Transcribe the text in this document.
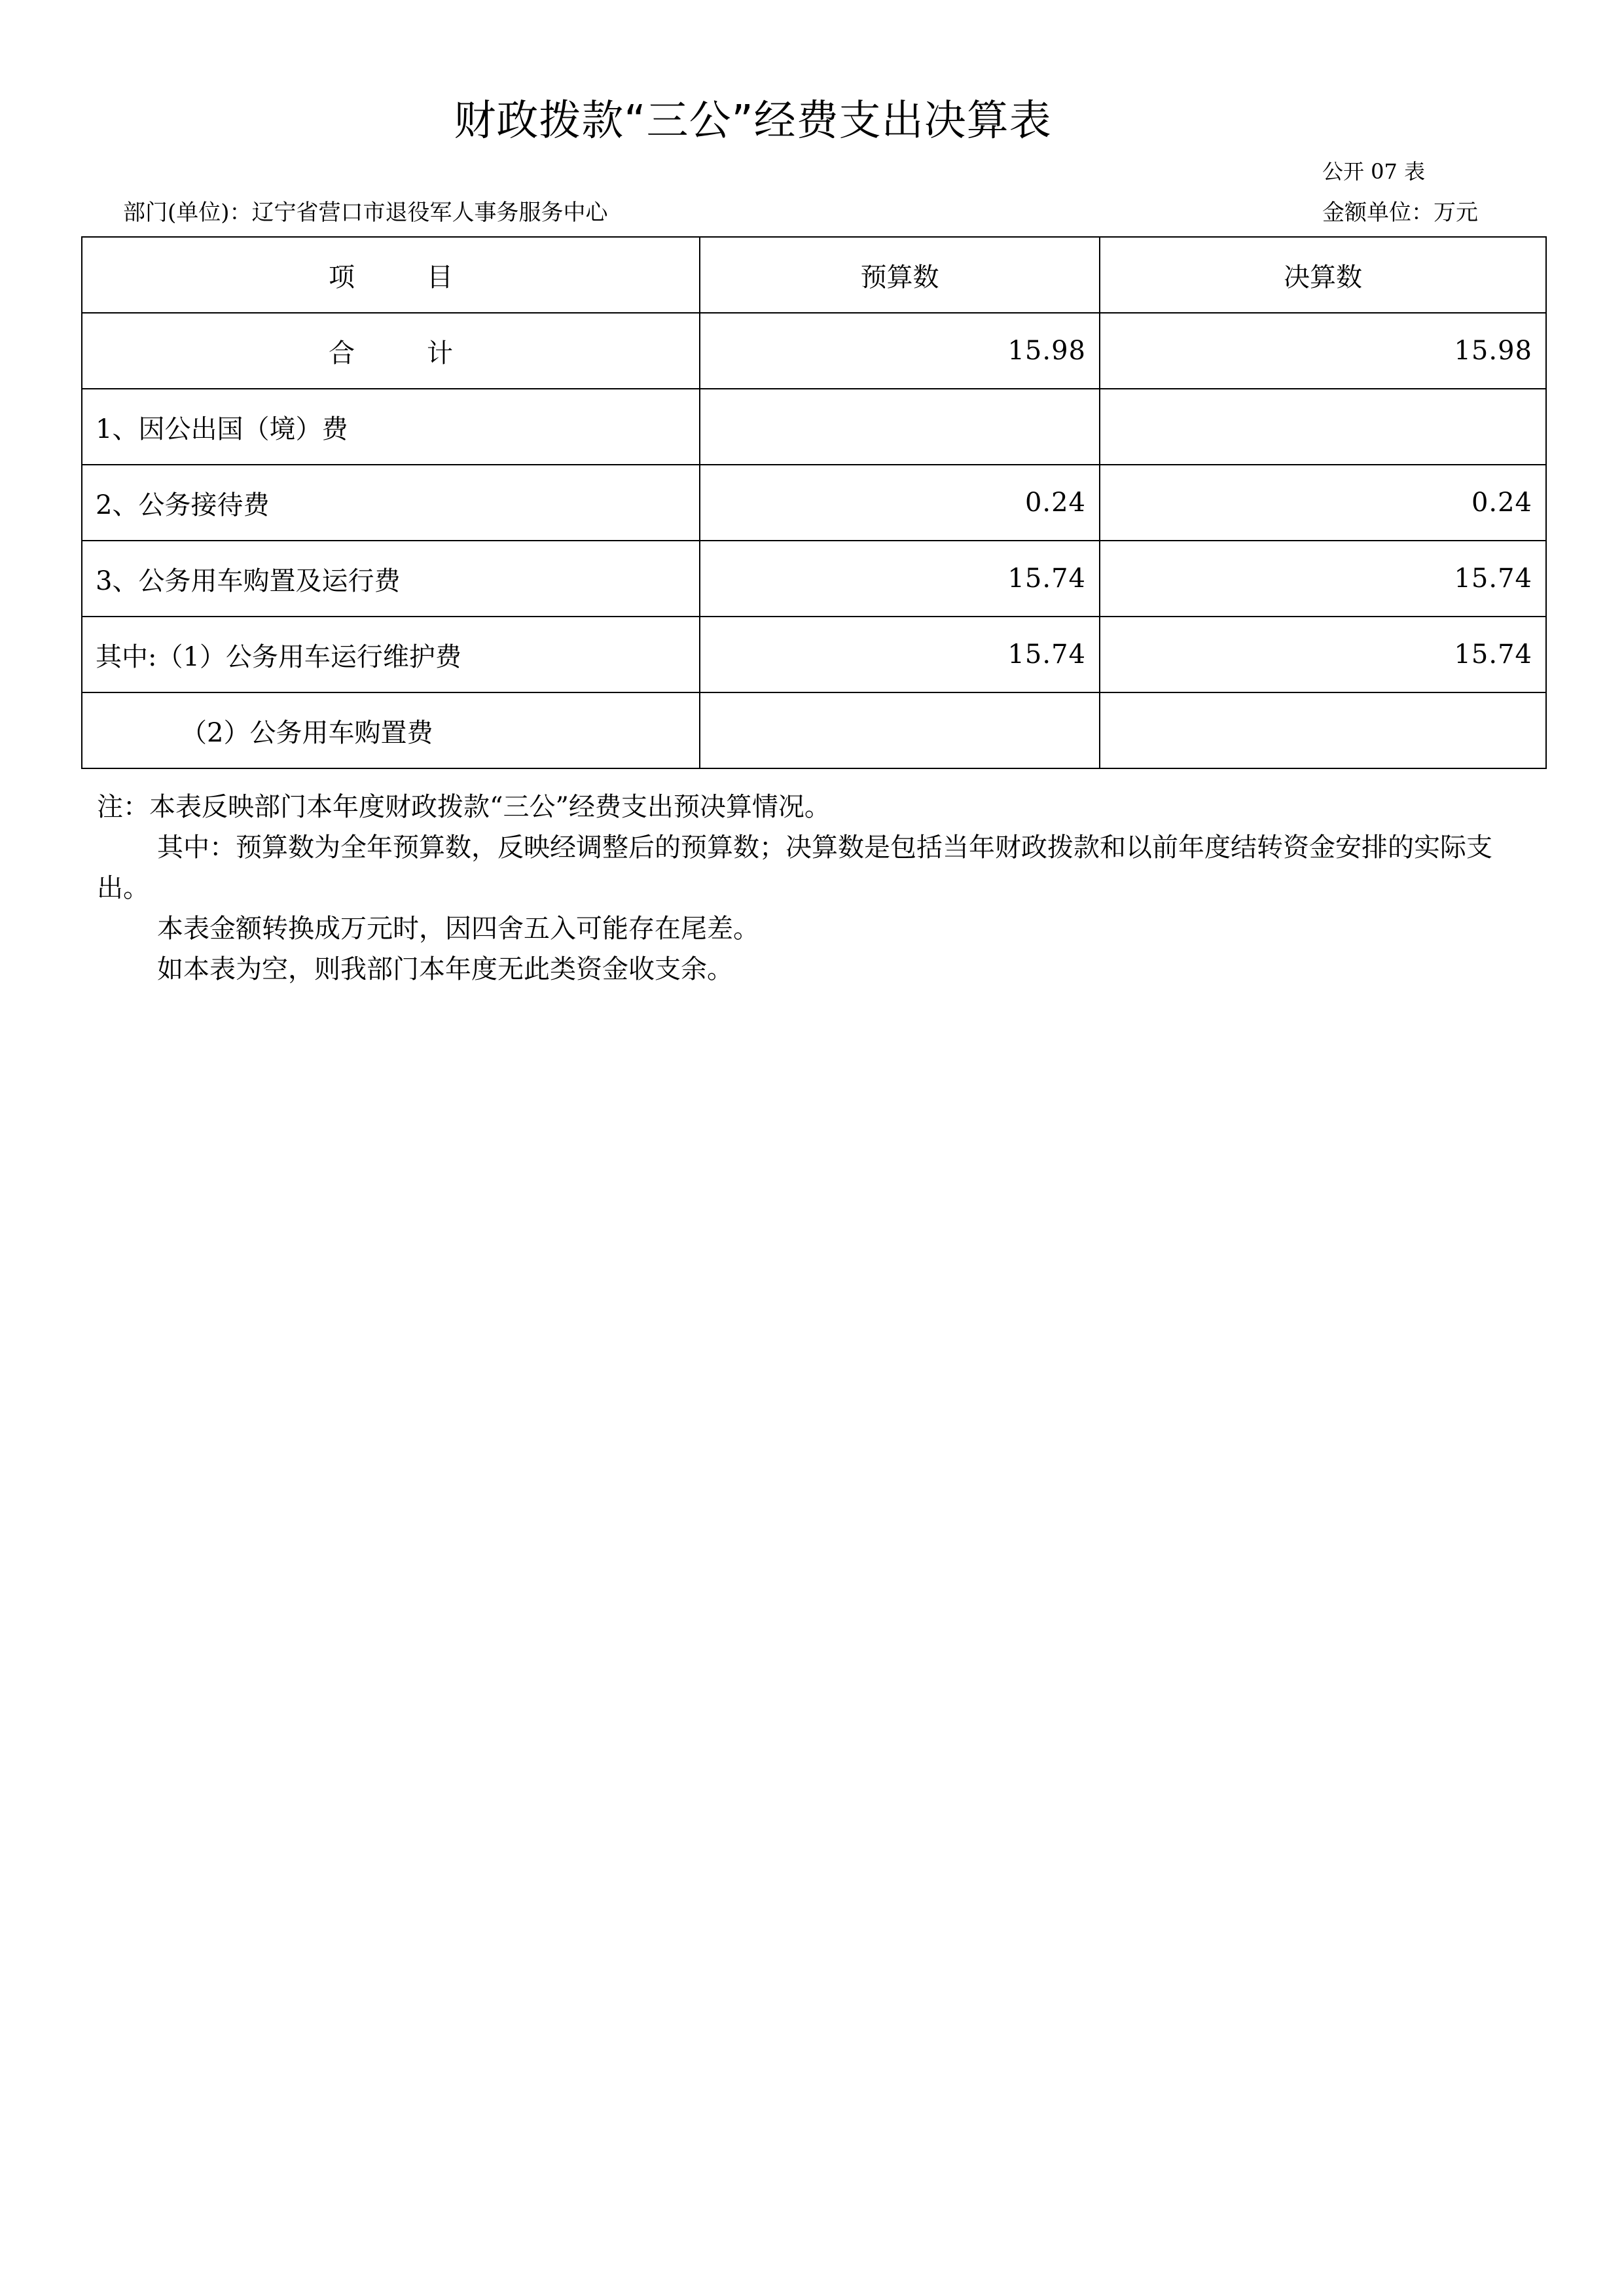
财政拨款“三公”经费支出决算表
公开 07 表
部门(单位)：辽宁省营口市退役军人事务服务中心	金额单位：万元
项 目	预算数	决算数
合 计	15.98	15.98
1、因公出国（境）费		
2、公务接待费	0.24	0.24
3、公务用车购置及运行费	15.74	15.74
其中:（1）公务用车运行维护费	15.74	15.74
（2）公务用车购置费		

注：本表反映部门本年度财政拨款“三公”经费支出预决算情况。

其中：预算数为全年预算数，反映经调整后的预算数；决算数是包括当年财政拨款和以前年度结转资金安排的实际支出。

本表金额转换成万元时，因四舍五入可能存在尾差。

如本表为空，则我部门本年度无此类资金收支余。
